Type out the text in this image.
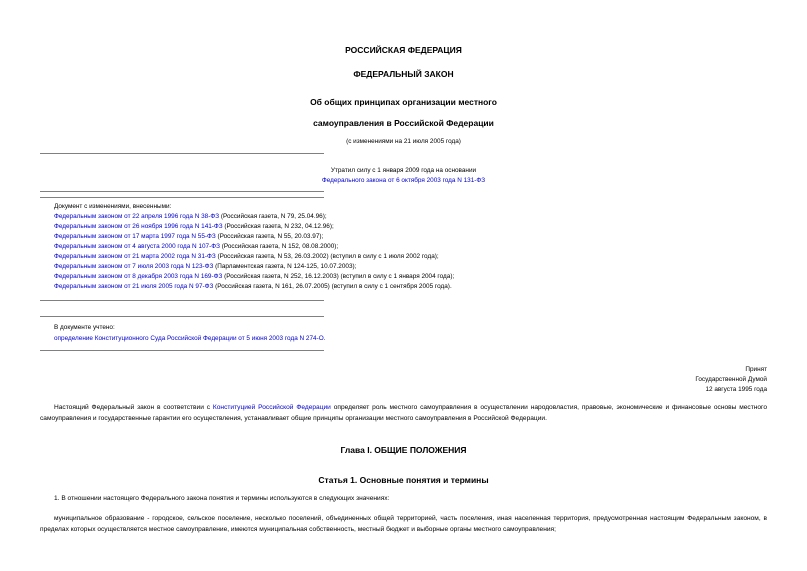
РОССИЙСКАЯ ФЕДЕРАЦИЯ
ФЕДЕРАЛЬНЫЙ ЗАКОН
Об общих принципах организации местного
самоуправления в Российской Федерации
(с изменениями на 21 июля 2005 года)
Утратил силу с 1 января 2009 года на основании
Федерального закона от 6 октября 2003 года N 131-ФЗ
Документ с изменениями, внесенными:
Федеральным законом от 22 апреля 1996 года N 38-ФЗ (Российская газета, N 79, 25.04.96);
Федеральным законом от 26 ноября 1996 года N 141-ФЗ (Российская газета, N 232, 04.12.96);
Федеральным законом от 17 марта 1997 года N 55-ФЗ (Российская газета, N 55, 20.03.97);
Федеральным законом от 4 августа 2000 года N 107-ФЗ (Российская газета, N 152, 08.08.2000);
Федеральным законом от 21 марта 2002 года N 31-ФЗ (Российская газета, N 53, 26.03.2002) (вступил в силу с 1 июля 2002 года);
Федеральным законом от 7 июля 2003 года N 123-ФЗ (Парламентская газета, N 124-125, 10.07.2003);
Федеральным законом от 8 декабря 2003 года N 169-ФЗ (Российская газета, N 252, 16.12.2003) (вступил в силу с 1 января 2004 года);
Федеральным законом от 21 июля 2005 года N 97-ФЗ (Российская газета, N 161, 26.07.2005) (вступил в силу с 1 сентября 2005 года).
В документе учтено:
определение Конституционного Суда Российской Федерации от 5 июня 2003 года N 274-О.
Принят
Государственной Думой
12 августа 1995 года
Настоящий Федеральный закон в соответствии с Конституцией Российской Федерации определяет роль местного самоуправления в осуществлении народовластия, правовые, экономические и финансовые основы местного самоуправления и государственные гарантии его осуществления, устанавливает общие принципы организации местного самоуправления в Российской Федерации.
Глава I. ОБЩИЕ ПОЛОЖЕНИЯ
Статья 1. Основные понятия и термины
1. В отношении настоящего Федерального закона понятия и термины используются в следующих значениях:
муниципальное образование - городское, сельское поселение, несколько поселений, объединенных общей территорией, часть поселения, иная населенная территория, предусмотренная настоящим Федеральным законом, в пределах которых осуществляется местное самоуправление, имеются муниципальная собственность, местный бюджет и выборные органы местного самоуправления;
